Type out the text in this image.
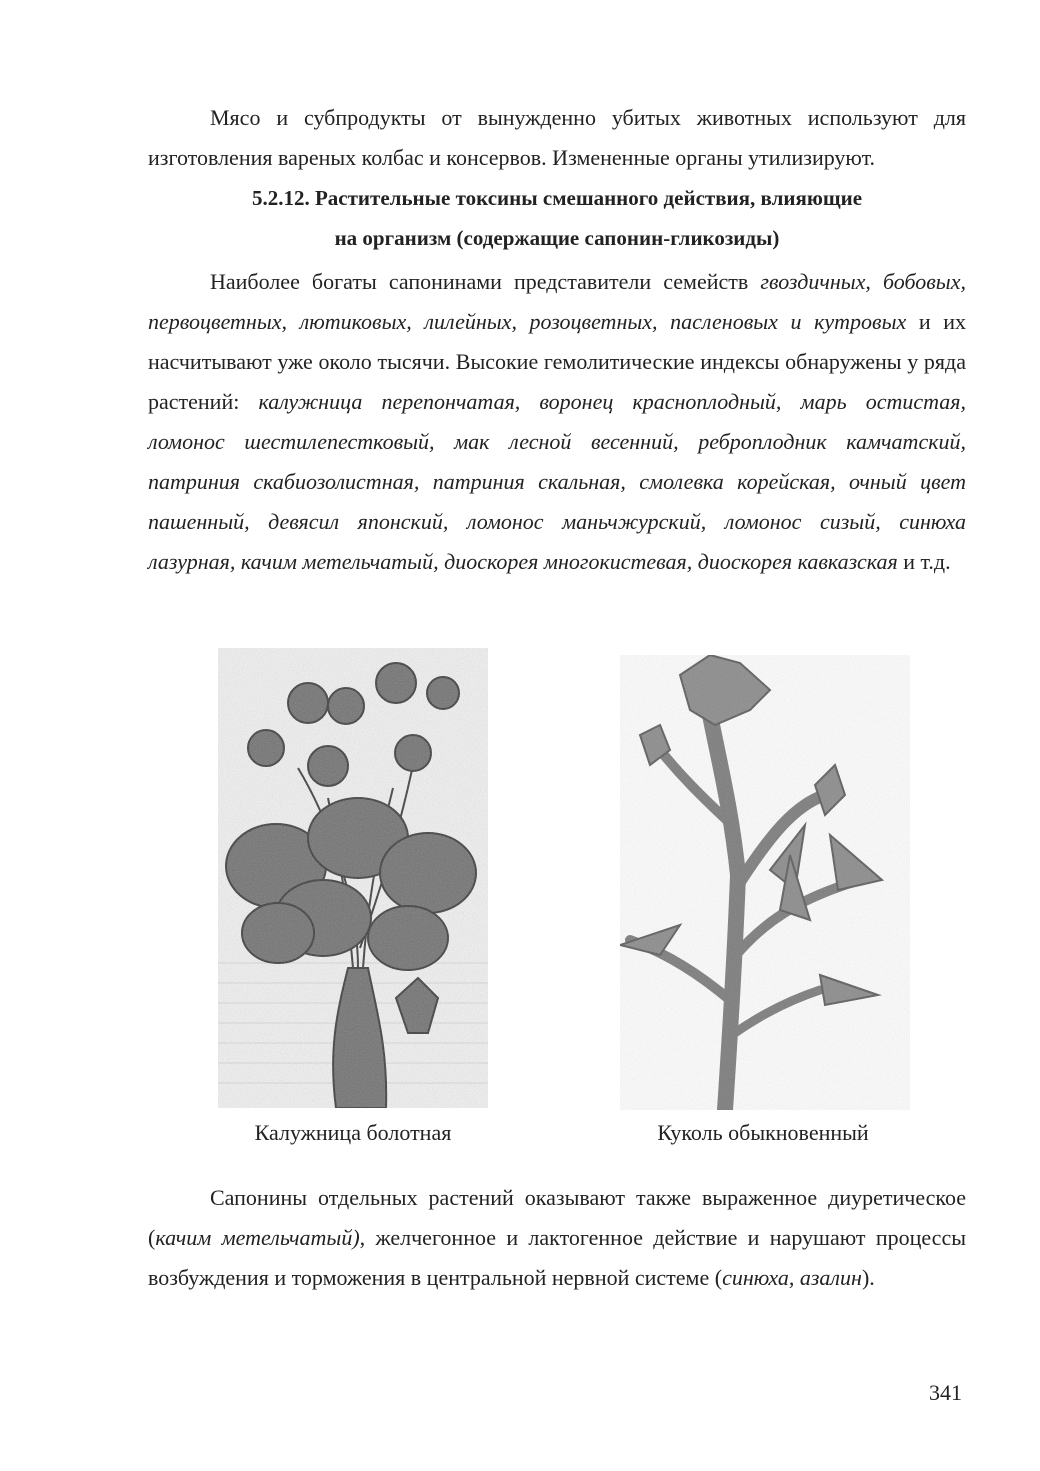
Мясо и субпродукты от вынужденно убитых животных используют для изготовления вареных колбас и консервов. Измененные органы утилизируют.

5.2.12. Растительные токсины смешанного действия, влияющие
на организм (содержащие сапонин-гликозиды)

Наиболее богаты сапонинами представители семейств гвоздичных, бобовых, первоцветных, лютиковых, лилейных, розоцветных, пасленовых и кутровых и их насчитывают уже около тысячи. Высокие гемолитические индексы обнаружены у ряда растений: калужница перепончатая, воронец краснoплодный, марь остистая, ломонос шестилепестковый, мак лесной весенний, реброплодник камчатский, патриния скабиозолистная, патриния скальная, смолевка корейская, очный цвет пашенный, девясил японский, ломонос маньчжурский, ломонос сизый, синюха лазурная, качим метельчатый, диоскорея многокистевая, диоскорея кавказская и т.д.

Калужница болотная	Куколь обыкновенный

Сапонины отдельных растений оказывают также выраженное диуретическое (качим метельчатый), желчегонное и лактогенное действие и нарушают процессы возбуждения и торможения в центральной нервной системе (синюха, азалин).

341
